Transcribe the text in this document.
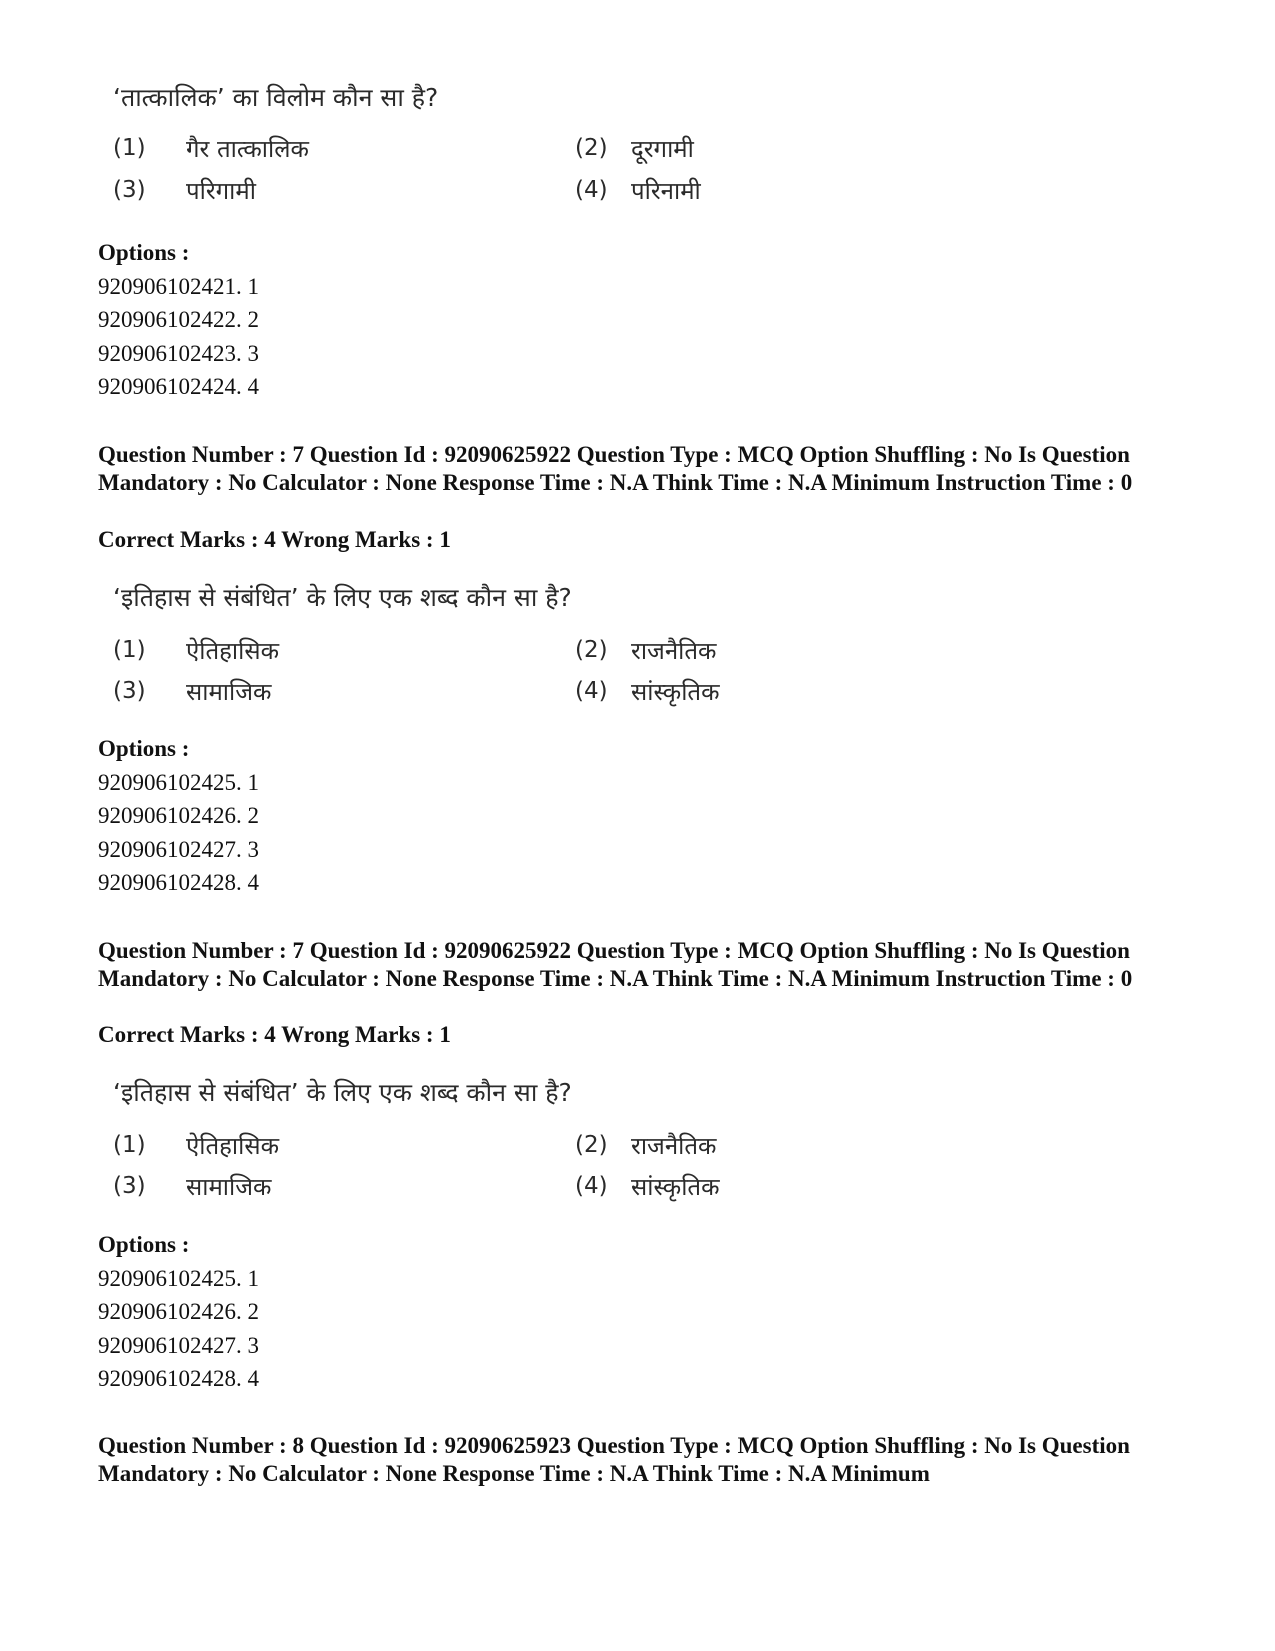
‘तात्कालिक’ का विलोम कौन सा है?
(1) गैर तात्कालिक	(2) दूरगामी
(3) परिगामी	(4) परिनामी
Options :
920906102421. 1
920906102422. 2
920906102423. 3
920906102424. 4
Question Number : 7 Question Id : 92090625922 Question Type : MCQ Option Shuffling : No Is Question Mandatory : No Calculator : None Response Time : N.A Think Time : N.A Minimum Instruction Time : 0
Correct Marks : 4 Wrong Marks : 1
‘इतिहास से संबंधित’ के लिए एक शब्द कौन सा है?
(1) ऐतिहासिक	(2) राजनैतिक
(3) सामाजिक	(4) सांस्कृतिक
Options :
920906102425. 1
920906102426. 2
920906102427. 3
920906102428. 4
Question Number : 7 Question Id : 92090625922 Question Type : MCQ Option Shuffling : No Is Question Mandatory : No Calculator : None Response Time : N.A Think Time : N.A Minimum Instruction Time : 0
Correct Marks : 4 Wrong Marks : 1
‘इतिहास से संबंधित’ के लिए एक शब्द कौन सा है?
(1) ऐतिहासिक	(2) राजनैतिक
(3) सामाजिक	(4) सांस्कृतिक
Options :
920906102425. 1
920906102426. 2
920906102427. 3
920906102428. 4
Question Number : 8 Question Id : 92090625923 Question Type : MCQ Option Shuffling : No Is Question Mandatory : No Calculator : None Response Time : N.A Think Time : N.A Minimum
